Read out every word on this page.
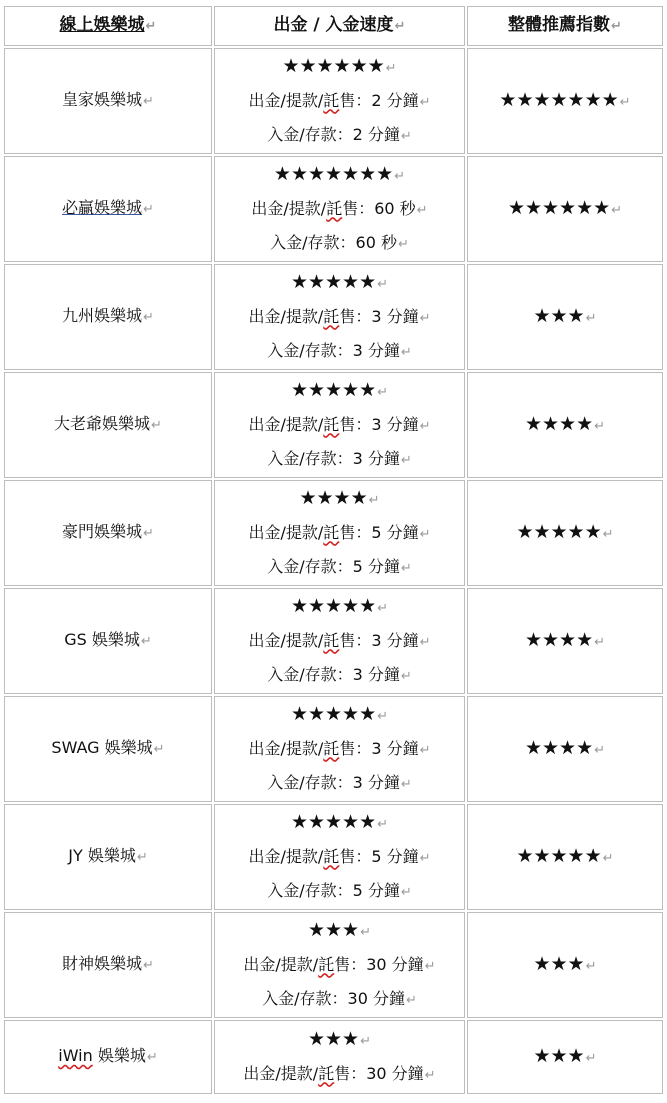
線上娛樂城↵	出金 / 入金速度↵	整體推薦指數↵
皇家娛樂城↵	★★★★★★↵
出金/提款/託售：2 分鐘↵
入金/存款：2 分鐘↵	★★★★★★★↵
必贏娛樂城↵	★★★★★★★↵
出金/提款/託售：60 秒↵
入金/存款：60 秒↵	★★★★★★↵
九州娛樂城↵	★★★★★↵
出金/提款/託售：3 分鐘↵
入金/存款：3 分鐘↵	★★★↵
大老爺娛樂城↵	★★★★★↵
出金/提款/託售：3 分鐘↵
入金/存款：3 分鐘↵	★★★★↵
豪門娛樂城↵	★★★★↵
出金/提款/託售：5 分鐘↵
入金/存款：5 分鐘↵	★★★★★↵
GS 娛樂城↵	★★★★★↵
出金/提款/託售：3 分鐘↵
入金/存款：3 分鐘↵	★★★★↵
SWAG 娛樂城↵	★★★★★↵
出金/提款/託售：3 分鐘↵
入金/存款：3 分鐘↵	★★★★↵
JY 娛樂城↵	★★★★★↵
出金/提款/託售：5 分鐘↵
入金/存款：5 分鐘↵	★★★★★↵
財神娛樂城↵	★★★↵
出金/提款/託售：30 分鐘↵
入金/存款：30 分鐘↵	★★★↵
iWin 娛樂城↵	★★★↵
出金/提款/託售：30 分鐘↵	★★★↵
